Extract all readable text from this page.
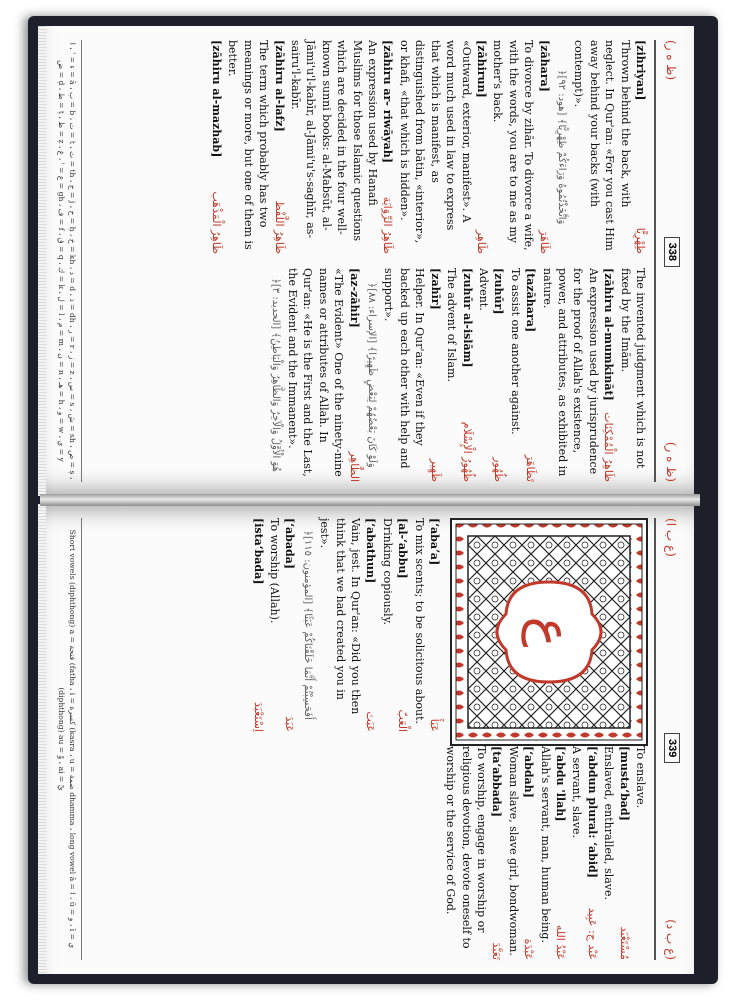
(ظ ه ر)
338
(ظ ه ر)
[zihriyan]
ظِهْرِيًّا
Thrown behind the back, with neglect. In Qur'an: «For you cast Him away behind your backs (with contempt)».
﴿وَاتَّخَذْتُمُوهُ وَرَاءَكُمْ ظِهْرِيًّا﴾ [هود: ٩٢]
[zāhara]
ظَاهَرَ
To divorce by zihār. To divorce a wife, with the words, you are to me as my mother's back.
[zāhirun]
ظَاهِر
«Outward, exterior, manifest». A word much used in law to express that which is manifest, as distinguished from bātin, «interior», or khafi, «that which is hidden».
[zāhiru ar- riwāyah]
ظَاهِرُ الرِّوَايَة
An expression used by Hanafi Muslims for those Islamic questions which are decided in the four well-known sunni books: al-Mabsūt, al-Jāmi'u'l-kabīr, al-Jāmi'u's-saghīr, as-sairu'l-kabīr.
[zāhiru al-lafz]
ظَاهِرُ اللَّفْظ
The term which probably has two meanings or more, but one of them is better.
[zāhiru al-mazhab]
ظَاهِرُ الْمَذْهَب
The invented judgment which is not fixed by the Imām.
[zāhiru al-mumkināt]
ظَاهِرُ الْمُمْكِنَات
An expression used by jurisprudence for the proof of Allah's existence, power, and attributes, as exhibited in nature.
[tazāhara]
تَظَاهَرَ
To assist one another against.
[zuhūr]
ظُهُور
Advent.
[zuhūr al-islām]
ظُهُورُ الْإِسْلَام
The advent of Islam.
[zahīr]
ظَهِير
Helper. In Qur'an: «Even if they backed up each other with help and support».
﴿وَلَوْ كَانَ بَعْضُهُمْ لِبَعْضٍ ظَهِيرًا﴾ [الإسراء: ٨٨]
[az-zāhir]
الظَّاهِر
«The Evident» One of the ninety-nine names or attributes of Allah. In Qur'an: «He is the First and the Last, the Evident and the Immanent».
﴿هُوَ الْأَوَّلُ وَالْآخِرُ وَالظَّاهِرُ وَالْبَاطِنُ﴾ [الحديد: ٣]
ء = ' ، ا = ā ، ب = b ، ت = t ، ث = th ، ج = j ، ح = ḥ ، خ = kh ، د = d ، ذ = dh ، ر = r ، ز = z ، س = s ، ش = sh ، ص = ṣ ، ض = ḍ ، ط = ṭ ، ظ = ẓ ، ع = ' ، غ = gh ، ف = f ، ق = q ، ك = k ، ل = l ، م = m ، ن = n ، هـ = h ، و = w ، ي = y
(ع ب ا)
339
(ع ب د)
ع
[ʻabaʼa]
عَبَأَ
To mix scents; to be solicitous about.
[al-ʻabbu]
الْعَبّ
Drinking copiously.
[ʻabathun]
عَبَث
Vain, jest. In Qur'an: «Did you then think that we had created you in jest».
﴿أَفَحَسِبْتُمْ أَنَّمَا خَلَقْنَاكُمْ عَبَثًا﴾ [المؤمنون: ١١٥]
[ʻabada]
عَبَدَ
To worship (Allah).
[istaʻbada]
اِسْتَعْبَدَ
To enslave.
[mustaʻbad]
مُسْتَعْبَد
Enslaved, enthralled, slave.
[ʻabdun plural: ʻabid]
عَبْد ج: عَبِيد
A servant, slave.
[ʻabdu 'llah]
عَبْدُ الله
Allah's servant, man, human being.
[ʻabdah]
عَبْدَة
Woman slave, slave girl, bondwoman.
[taʻabbada]
تَعَبَّدَ
To worship, engage in worship or religious devotion, devote oneself to worship or the service of God.
Short vowels (diphthong) a = فتحة (fatha ، i = كسرة (kasra ، u = ضمة dhamma ، long vowel ā = ا ، ū = و ، ī = ي (diphthong) au = وْ ، ai = يْ
